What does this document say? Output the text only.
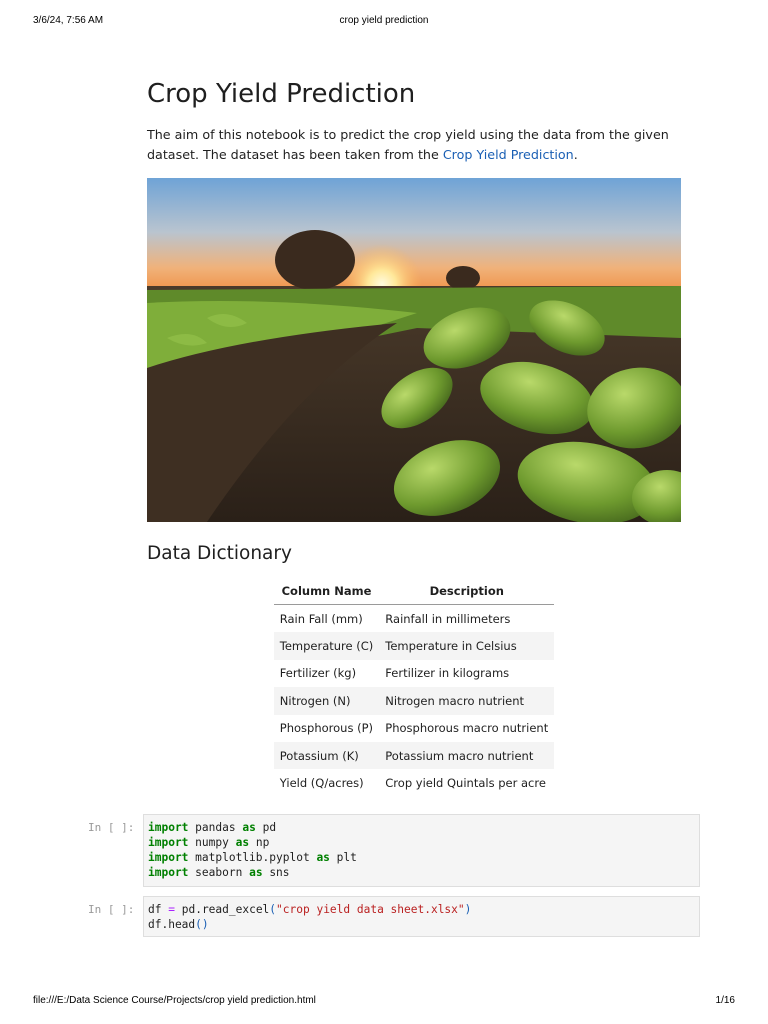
3/6/24, 7:56 AM	crop yield prediction
Crop Yield Prediction

The aim of this notebook is to predict the crop yield using the data from the given dataset. The dataset has been taken from the Crop Yield Prediction.

Data Dictionary
Column Name	Description
Rain Fall (mm)	Rainfall in millimeters
Temperature (C)	Temperature in Celsius
Fertilizer (kg)	Fertilizer in kilograms
Nitrogen (N)	Nitrogen macro nutrient
Phosphorous (P)	Phosphorous macro nutrient
Potassium (K)	Potassium macro nutrient
Yield (Q/acres)	Crop yield Quintals per acre
In [ ]:	import pandas as pd
import numpy as np
import matplotlib.pyplot as plt
import seaborn as sns
In [ ]:	df = pd.read_excel("crop yield data sheet.xlsx")
df.head()
file:///E:/Data Science Course/Projects/crop yield prediction.html	1/16
